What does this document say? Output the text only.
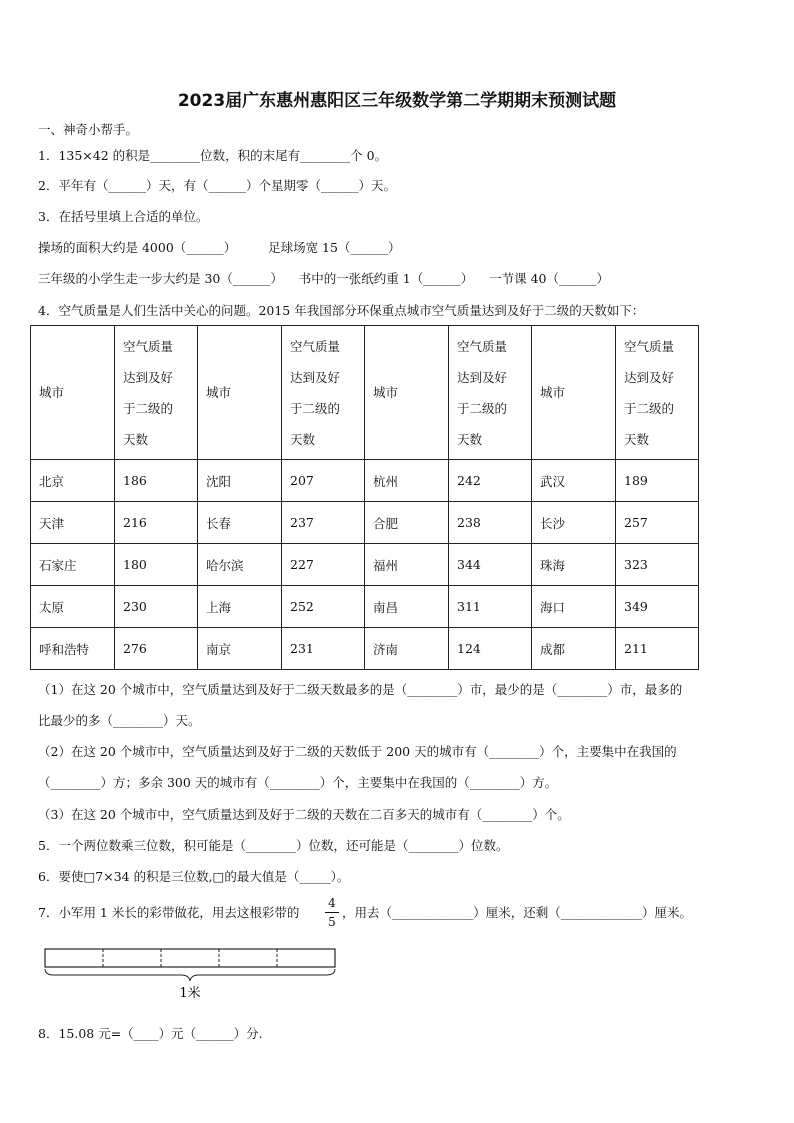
2023届广东惠州惠阳区三年级数学第二学期期末预测试题
一、神奇小帮手。
1．135×42 的积是________位数，积的末尾有________个 0。
2．平年有（______）天，有（______）个星期零（______）天。
3．在括号里填上合适的单位。
操场的面积大约是 4000（______）        足球场宽 15（______）
三年级的小学生走一步大约是 30（______）    书中的一张纸约重 1（______）    一节课 40（______）
4．空气质量是人们生活中关心的问题。2015 年我国部分环保重点城市空气质量达到及好于二级的天数如下：
城市	空气质量
达到及好
于二级的
天数	城市	空气质量
达到及好
于二级的
天数	城市	空气质量
达到及好
于二级的
天数	城市	空气质量
达到及好
于二级的
天数
北京	186	沈阳	207	杭州	242	武汉	189
天津	216	长春	237	合肥	238	长沙	257
石家庄	180	哈尔滨	227	福州	344	珠海	323
太原	230	上海	252	南昌	311	海口	349
呼和浩特	276	南京	231	济南	124	成都	211
（1）在这 20 个城市中，空气质量达到及好于二级天数最多的是（________）市，最少的是（________）市，最多的
比最少的多（________）天。
（2）在这 20 个城市中，空气质量达到及好于二级的天数低于 200 天的城市有（________）个，主要集中在我国的
（________）方；多余 300 天的城市有（________）个，主要集中在我国的（________）方。
（3）在这 20 个城市中，空气质量达到及好于二级的天数在二百多天的城市有（________）个。
5．一个两位数乘三位数，积可能是（________）位数，还可能是（________）位数。
6．要使□7×34 的积是三位数,□的最大值是（_____）。
7．小军用 1 米长的彩带做花，用去这根彩带的
4
5
，用去（_____________）厘米，还剩（_____________）厘米。
1米
8．15.08 元=（____）元（______）分.
